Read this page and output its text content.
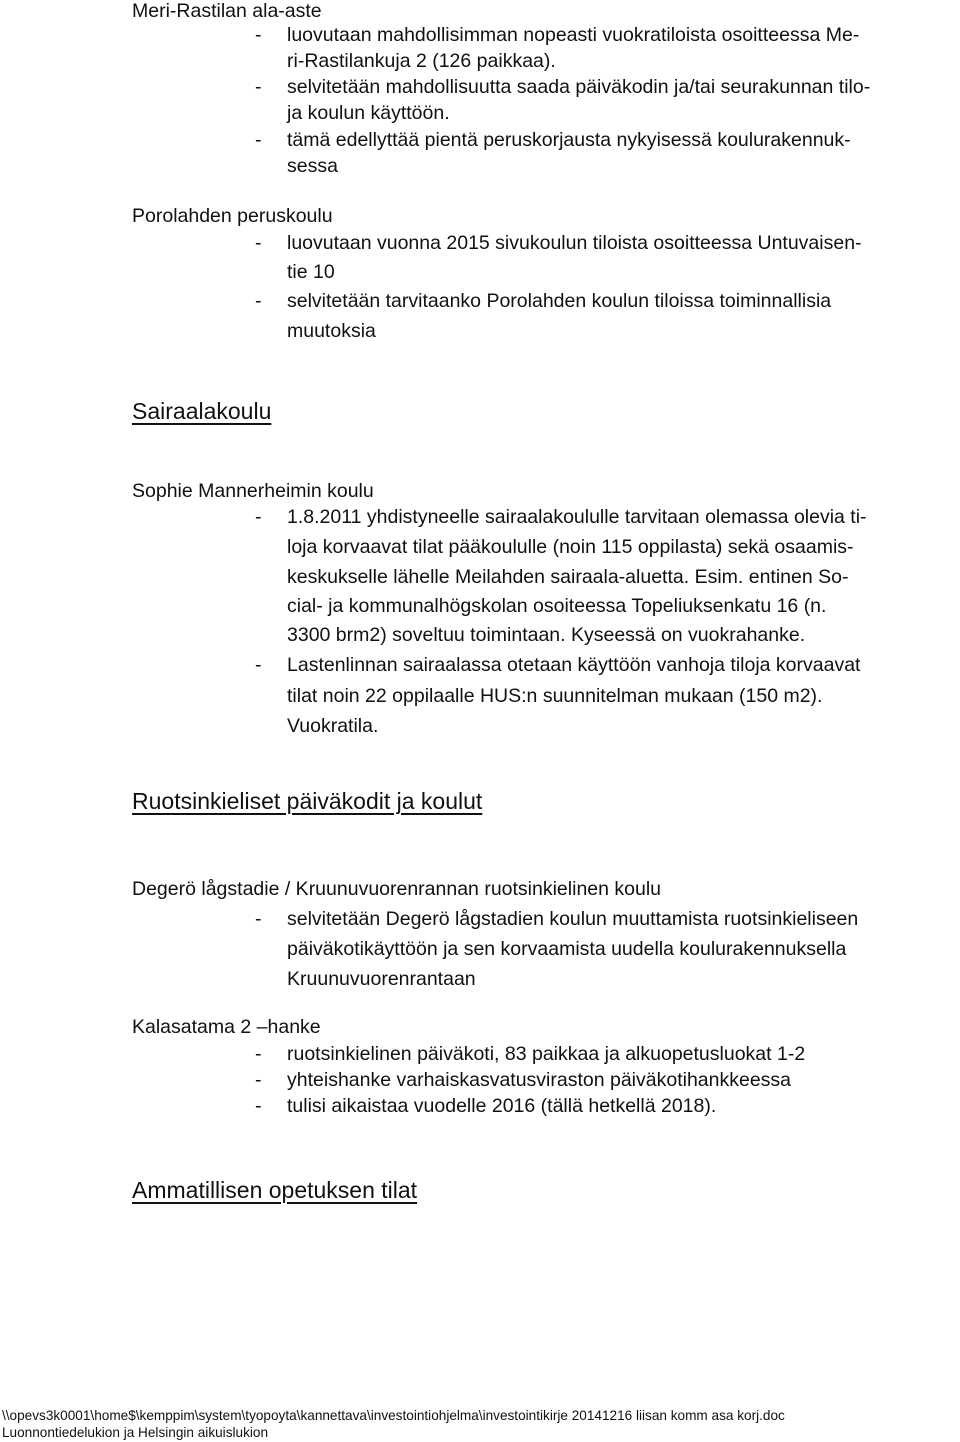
Meri-Rastilan ala-aste
- luovutaan mahdollisimman nopeasti vuokratiloista osoitteessa Me-
ri-Rastilankuja 2 (126 paikkaa).
- selvitetään mahdollisuutta saada päiväkodin ja/tai seurakunnan tilo-
ja koulun käyttöön.
- tämä edellyttää pientä peruskorjausta nykyisessä koulurakennuk-
sessa
Porolahden peruskoulu
- luovutaan vuonna 2015 sivukoulun tiloista osoitteessa Untuvaisen-
tie 10
- selvitetään tarvitaanko Porolahden koulun tiloissa toiminnallisia
muutoksia
Sairaalakoulu
Sophie Mannerheimin koulu
- 1.8.2011 yhdistyneelle sairaalakoululle tarvitaan olemassa olevia ti-
loja korvaavat tilat pääkoululle (noin 115 oppilasta) sekä osaamis-
keskukselle lähelle Meilahden sairaala-aluetta. Esim. entinen So-
cial- ja kommunalhögskolan osoiteessa Topeliuksenkatu 16 (n.
3300 brm2) soveltuu toimintaan. Kyseessä on vuokrahanke.
- Lastenlinnan sairaalassa otetaan käyttöön vanhoja tiloja korvaavat
tilat noin 22 oppilaalle HUS:n suunnitelman mukaan (150 m2).
Vuokratila.
Ruotsinkieliset päiväkodit ja koulut
Degerö lågstadie / Kruunuvuorenrannan ruotsinkielinen koulu
- selvitetään Degerö lågstadien koulun muuttamista ruotsinkieliseen
päiväkotikäyttöön ja sen korvaamista uudella koulurakennuksella
Kruunuvuorenrantaan
Kalasatama 2 –hanke
- ruotsinkielinen päiväkoti, 83 paikkaa ja alkuopetusluokat 1-2
- yhteishanke varhaiskasvatusviraston päiväkotihankkeessa
- tulisi aikaistaa vuodelle 2016 (tällä hetkellä 2018).
Ammatillisen opetuksen tilat
\\opevs3k0001\home$\kemppim\system\tyopoyta\kannettava\investointiohjelma\investointikirje 20141216 liisan komm asa korj.doc
Luonnontiedelukion ja Helsingin aikuislukion
